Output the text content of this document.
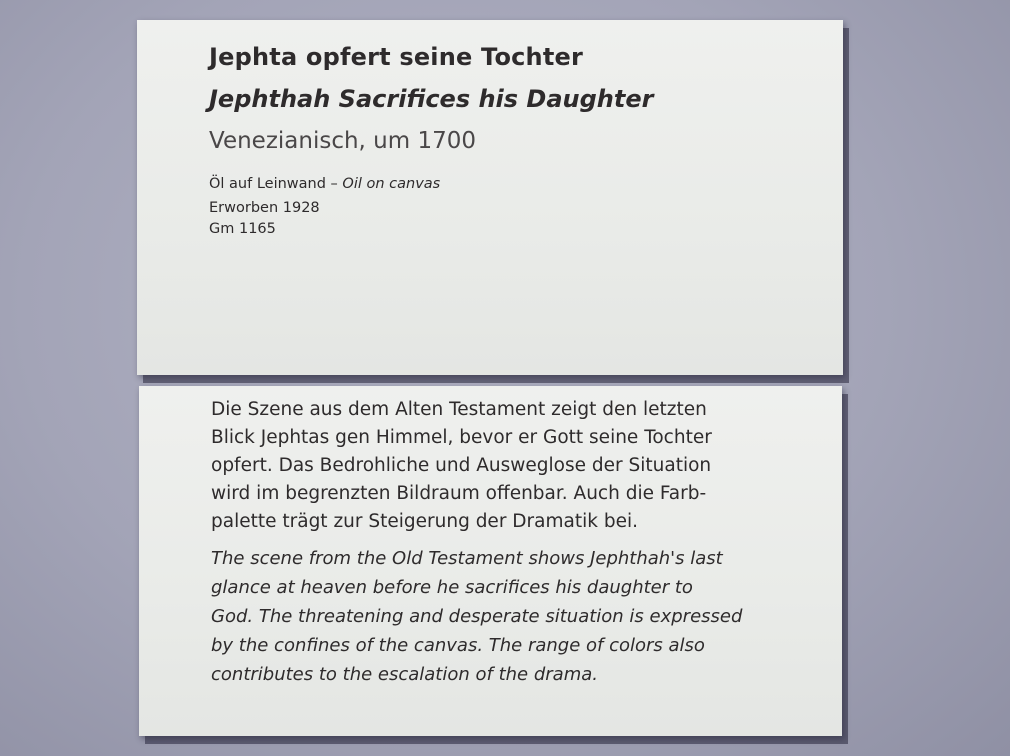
Jephta opfert seine Tochter
Jephthah Sacrifices his Daughter
Venezianisch, um 1700
Öl auf Leinwand – Oil on canvas
Erworben 1928
Gm 1165
Die Szene aus dem Alten Testament zeigt den letzten
Blick Jephtas gen Himmel, bevor er Gott seine Tochter
opfert. Das Bedrohliche und Ausweglose der Situation
wird im begrenzten Bildraum offenbar. Auch die Farb-
palette trägt zur Steigerung der Dramatik bei.
The scene from the Old Testament shows Jephthah's last
glance at heaven before he sacrifices his daughter to
God. The threatening and desperate situation is expressed
by the confines of the canvas. The range of colors also
contributes to the escalation of the drama.
